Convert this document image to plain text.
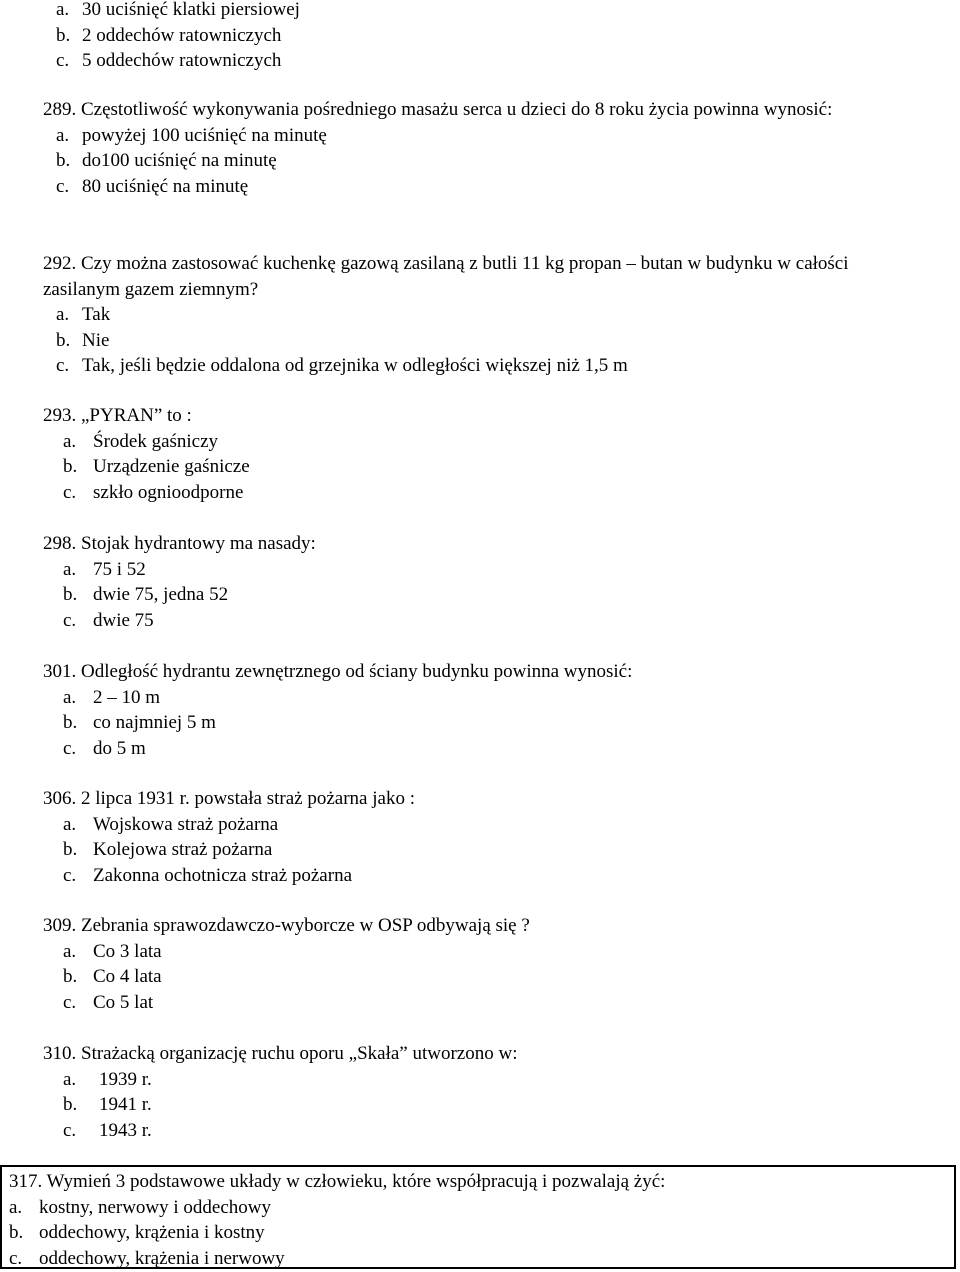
a. 30 uciśnięć klatki piersiowej
b. 2 oddechów ratowniczych
c. 5 oddechów ratowniczych

289. Częstotliwość wykonywania pośredniego masażu serca u dzieci do 8 roku życia powinna wynosić:

a. powyżej 100 uciśnięć na minutę
b. do100 uciśnięć na minutę
c. 80 uciśnięć na minutę

292. Czy można zastosować kuchenkę gazową zasilaną z butli 11 kg propan – butan w budynku w całości zasilanym gazem ziemnym?

a. Tak
b. Nie
c. Tak, jeśli będzie oddalona od grzejnika w odległości większej niż 1,5 m

293. „PYRAN” to :

a. Środek gaśniczy
b. Urządzenie gaśnicze
c. szkło ognioodporne

298. Stojak hydrantowy ma nasady:

a. 75 i 52
b. dwie 75, jedna 52
c. dwie 75

301. Odległość hydrantu zewnętrznego od ściany budynku powinna wynosić:

a. 2 – 10 m
b. co najmniej 5 m
c. do 5 m

306. 2 lipca 1931 r. powstała straż pożarna jako :

a. Wojskowa straż pożarna
b. Kolejowa straż pożarna
c. Zakonna ochotnicza straż pożarna

309. Zebrania sprawozdawczo-wyborcze w OSP odbywają się ?

a. Co 3 lata
b. Co 4 lata
c. Co 5 lat

310. Strażacką organizację ruchu oporu „Skała” utworzono w:

a. 1939 r.
b. 1941 r.
c. 1943 r.

317. Wymień 3 podstawowe układy w człowieku, które współpracują i pozwalają żyć:

a. kostny, nerwowy i oddechowy
b. oddechowy, krążenia i kostny
c. oddechowy, krążenia i nerwowy
